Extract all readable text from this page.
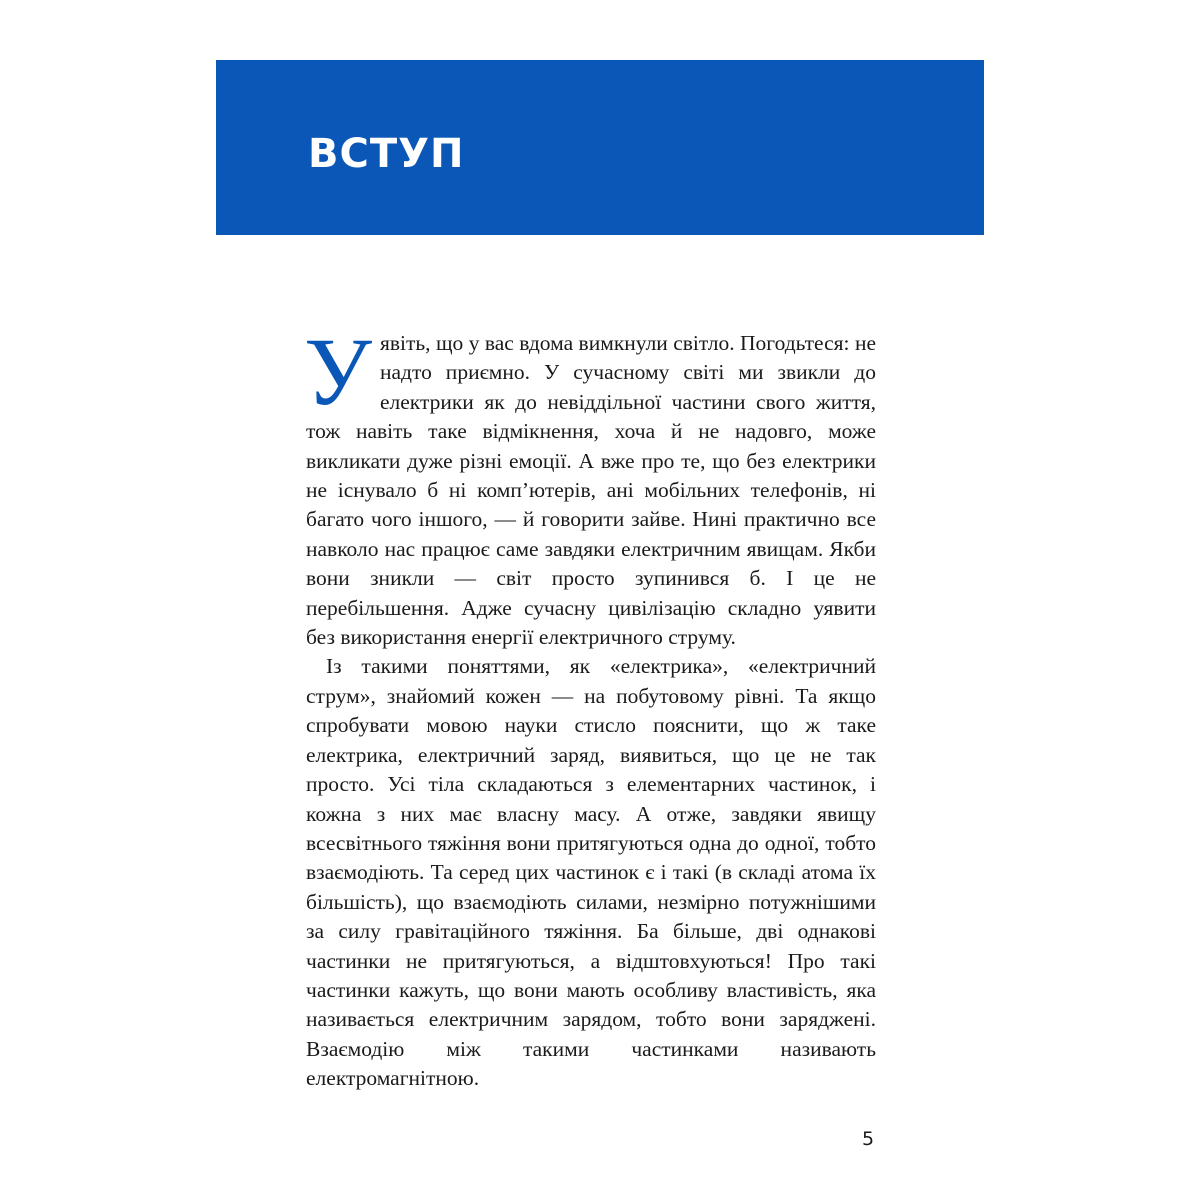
ВСТУП

Уявіть, що у вас вдома вимкнули світло. Погодьтеся: не надто приємно. У сучасному світі ми звикли до електрики як до невіддільної частини свого життя, тож навіть таке відмікнення, хоча й не надовго, може викликати дуже різні емоції. А вже про те, що без електрики не існувало б ні комп’ютерів, ані мобільних телефонів, ні багато чого іншого, — й говорити зайве. Нині практично все навколо нас працює саме завдяки електричним явищам. Якби вони зникли — світ просто зупинився б. І це не перебільшення. Адже сучасну цивілізацію складно уявити без використання енергії електричного струму.

Із такими поняттями, як «електрика», «електричний струм», знайомий кожен — на побутовому рівні. Та якщо спробувати мовою науки стисло пояснити, що ж таке електрика, електричний заряд, виявиться, що це не так просто. Усі тіла складаються з елементарних частинок, і кожна з них має власну масу. А отже, завдяки явищу всесвітнього тяжіння вони притягуються одна до одної, тобто взаємодіють. Та серед цих частинок є і такі (в складі атома їх більшість), що взаємодіють силами, незмірно потужнішими за силу гравітаційного тяжіння. Ба більше, дві однакові частинки не притягуються, а відштовхуються! Про такі частинки кажуть, що вони мають особливу властивість, яка називається електричним зарядом, тобто вони заряджені. Взаємодію між такими частинками називають електромагнітною.

5
